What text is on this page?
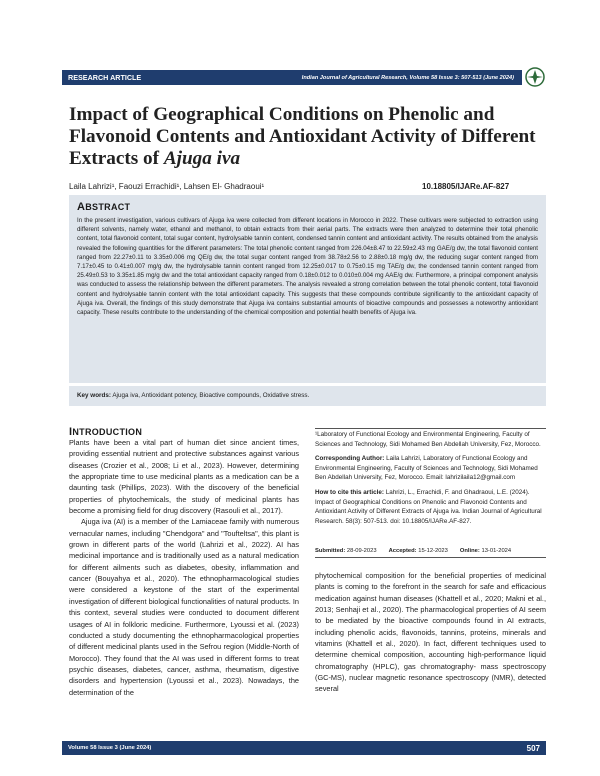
RESEARCH ARTICLE	Indian Journal of Agricultural Research, Volume 58 Issue 3: 507-513 (June 2024)
Impact of Geographical Conditions on Phenolic and Flavonoid Contents and Antioxidant Activity of Different Extracts of Ajuga iva
Laila Lahrizi¹, Faouzi Errachidi¹, Lahsen El- Ghadraoui¹	10.18805/IJARe.AF-827
ABSTRACT
In the present investigation, various cultivars of Ajuga iva were collected from different locations in Morocco in 2022. These cultivars were subjected to extraction using different solvents, namely water, ethanol and methanol, to obtain extracts from their aerial parts. The extracts were then analyzed to determine their total phenolic content, total flavonoid content, total sugar content, hydrolysable tannin content, condensed tannin content and antioxidant activity. The results obtained from the analysis revealed the following quantities for the different parameters: The total phenolic content ranged from 226.04±8.47 to 22.59±2.43 mg GAE/g dw, the total flavonoid content ranged from 22.27±0.11 to 3.35±0.006 mg QE/g dw, the total sugar content ranged from 38.78±2.56 to 2.88±0.18 mg/g dw, the reducing sugar content ranged from 7.17±0.45 to 0.41±0.007 mg/g dw, the hydrolysable tannin content ranged from 12.25±0.017 to 0.75±0.15 mg TAE/g dw, the condensed tannin content ranged from 25.49±0.53 to 3.35±1.85 mg/g dw and the total antioxidant capacity ranged from 0.18±0.012 to 0.010±0.004 mg AAE/g dw. Furthermore, a principal component analysis was conducted to assess the relationship between the different parameters. The analysis revealed a strong correlation between the total phenolic content, total flavonoid content and hydrolysable tannin content with the total antioxidant capacity. This suggests that these compounds contribute significantly to the antioxidant capacity of Ajuga iva. Overall, the findings of this study demonstrate that Ajuga iva contains substantial amounts of bioactive compounds and possesses a noteworthy antioxidant capacity. These results contribute to the understanding of the chemical composition and potential health benefits of Ajuga iva.
Key words: Ajuga iva, Antioxidant potency, Bioactive compounds, Oxidative stress.
INTRODUCTION

Plants have been a vital part of human diet since ancient times, providing essential nutrient and protective substances against various diseases (Crozier et al., 2008; Li et al., 2023). However, determining the appropriate time to use medicinal plants as a medication can be a daunting task (Phillips, 2023). With the discovery of the beneficial properties of phytochemicals, the study of medicinal plants has become a promising field for drug discovery (Rasouli et al., 2017).

Ajuga iva (AI) is a member of the Lamiaceae family with numerous vernacular names, including "Chendgora" and "Toufteltsa", this plant is grown in different parts of the world (Lahrizi et al., 2022). AI has medicinal importance and is traditionally used as a natural medication for different ailments such as diabetes, obesity, inflammation and cancer (Bouyahya et al., 2020). The ethnopharmacological studies were considered a keystone of the start of the experimental investigation of different biological functionalities of natural products. In this context, several studies were conducted to document different usages of AI in folkloric medicine. Furthermore, Lyoussi et al. (2023) conducted a study documenting the ethnopharmacological properties of different medicinal plants used in the Sefrou region (Middle-North of Morocco). They found that the AI was used in different forms to treat psychic diseases, diabetes, cancer, asthma, rheumatism, digestive disorders and hypertension (Lyoussi et al., 2023). Nowadays, the determination of the

¹Laboratory of Functional Ecology and Environmental Engineering, Faculty of Sciences and Technology, Sidi Mohamed Ben Abdellah University, Fez, Morocco.
Corresponding Author: Laila Lahrizi, Laboratory of Functional Ecology and Environmental Engineering, Faculty of Sciences and Technology, Sidi Mohamed Ben Abdellah University, Fez, Morocco. Email: lahrizilaila12@gmail.com
How to cite this article: Lahrizi, L., Errachidi, F. and Ghadraoui, L.E. (2024). Impact of Geographical Conditions on Phenolic and Flavonoid Contents and Antioxidant Activity of Different Extracts of Ajuga iva. Indian Journal of Agricultural Research. 58(3): 507-513. doi: 10.18805/IJARe.AF-827.
Submitted: 28-09-2023 Accepted: 15-12-2023 Online: 13-01-2024
phytochemical composition for the beneficial properties of medicinal plants is coming to the forefront in the search for safe and efficacious medication against human diseases (Khattell et al., 2020; Makni et al., 2013; Senhaji et al., 2020). The pharmacological properties of AI seem to be mediated by the bioactive compounds found in AI extracts, including phenolic acids, flavonoids, tannins, proteins, minerals and vitamins (Khattell et al., 2020). In fact, different techniques used to determine chemical composition, accounting high-performance liquid chromatography (HPLC), gas chromatography- mass spectroscopy (GC-MS), nuclear magnetic resonance spectroscopy (NMR), detected several
Volume 58 Issue 3 (June 2024)	507
